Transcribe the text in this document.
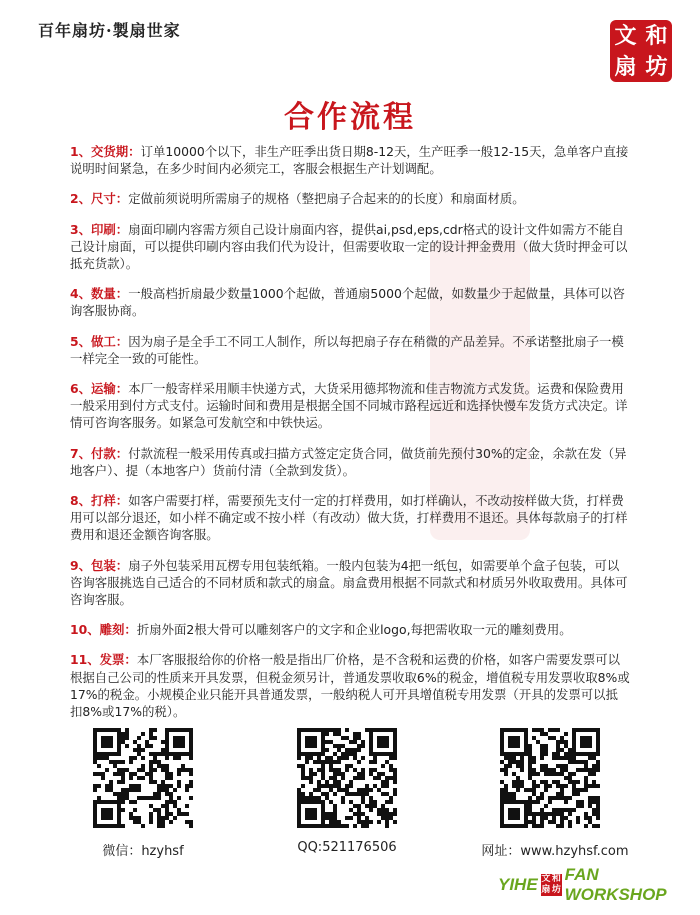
百年扇坊·製扇世家	文 和
扇 坊
合作流程
1、交货期：订单10000个以下，非生产旺季出货日期8-12天，生产旺季一般12-15天，急单客户直接说明时间紧急，在多少时间内必须完工，客服会根据生产计划调配。
2、尺寸：定做前须说明所需扇子的规格（整把扇子合起来的的长度）和扇面材质。
3、印刷：扇面印刷内容需方须自己设计扇面内容，提供ai,psd,eps,cdr格式的设计文件如需方不能自己设计扇面，可以提供印刷内容由我们代为设计，但需要收取一定的设计押金费用（做大货时押金可以抵充货款）。
4、数量：一般高档折扇最少数量1000个起做，普通扇5000个起做，如数量少于起做量，具体可以咨询客服协商。
5、做工：因为扇子是全手工不同工人制作，所以每把扇子存在稍微的产品差异。不承诺整批扇子一模一样完全一致的可能性。
6、运输：本厂一般寄样采用顺丰快递方式，大货采用德邦物流和佳吉物流方式发货。运费和保险费用一般采用到付方式支付。运输时间和费用是根据全国不同城市路程远近和选择快慢车发货方式决定。详情可咨询客服务。如紧急可发航空和中铁快运。
7、付款：付款流程一般采用传真或扫描方式签定定货合同，做货前先预付30%的定金，余款在发（异地客户）、提（本地客户）货前付清（全款到发货）。
8、打样：如客户需要打样，需要预先支付一定的打样费用，如打样确认，不改动按样做大货，打样费用可以部分退还，如小样不确定或不按小样（有改动）做大货，打样费用不退还。具体每款扇子的打样费用和退还金额咨询客服。
9、包装：扇子外包装采用瓦楞专用包装纸箱。一般内包装为4把一纸包，如需要单个盒子包装，可以咨询客服挑选自己适合的不同材质和款式的扇盒。扇盒费用根据不同款式和材质另外收取费用。具体可咨询客服。
10、雕刻：折扇外面2根大骨可以雕刻客户的文字和企业logo,每把需收取一元的雕刻费用。
11、发票：本厂客服报给你的价格一般是指出厂价格，是不含税和运费的价格，如客户需要发票可以根据自己公司的性质来开具发票，但税金须另计，普通发票收取6%的税金，增值税专用发票收取8%或17%的税金。小规模企业只能开具普通发票，一般纳税人可开具增值税专用发票（开具的发票可以抵扣8%或17%的税）。
微信：hzyhsf	QQ:521176506	网址：www.hzyhsf.com
YIHE 文 和
扇 坊
FAN WORKSHOP
